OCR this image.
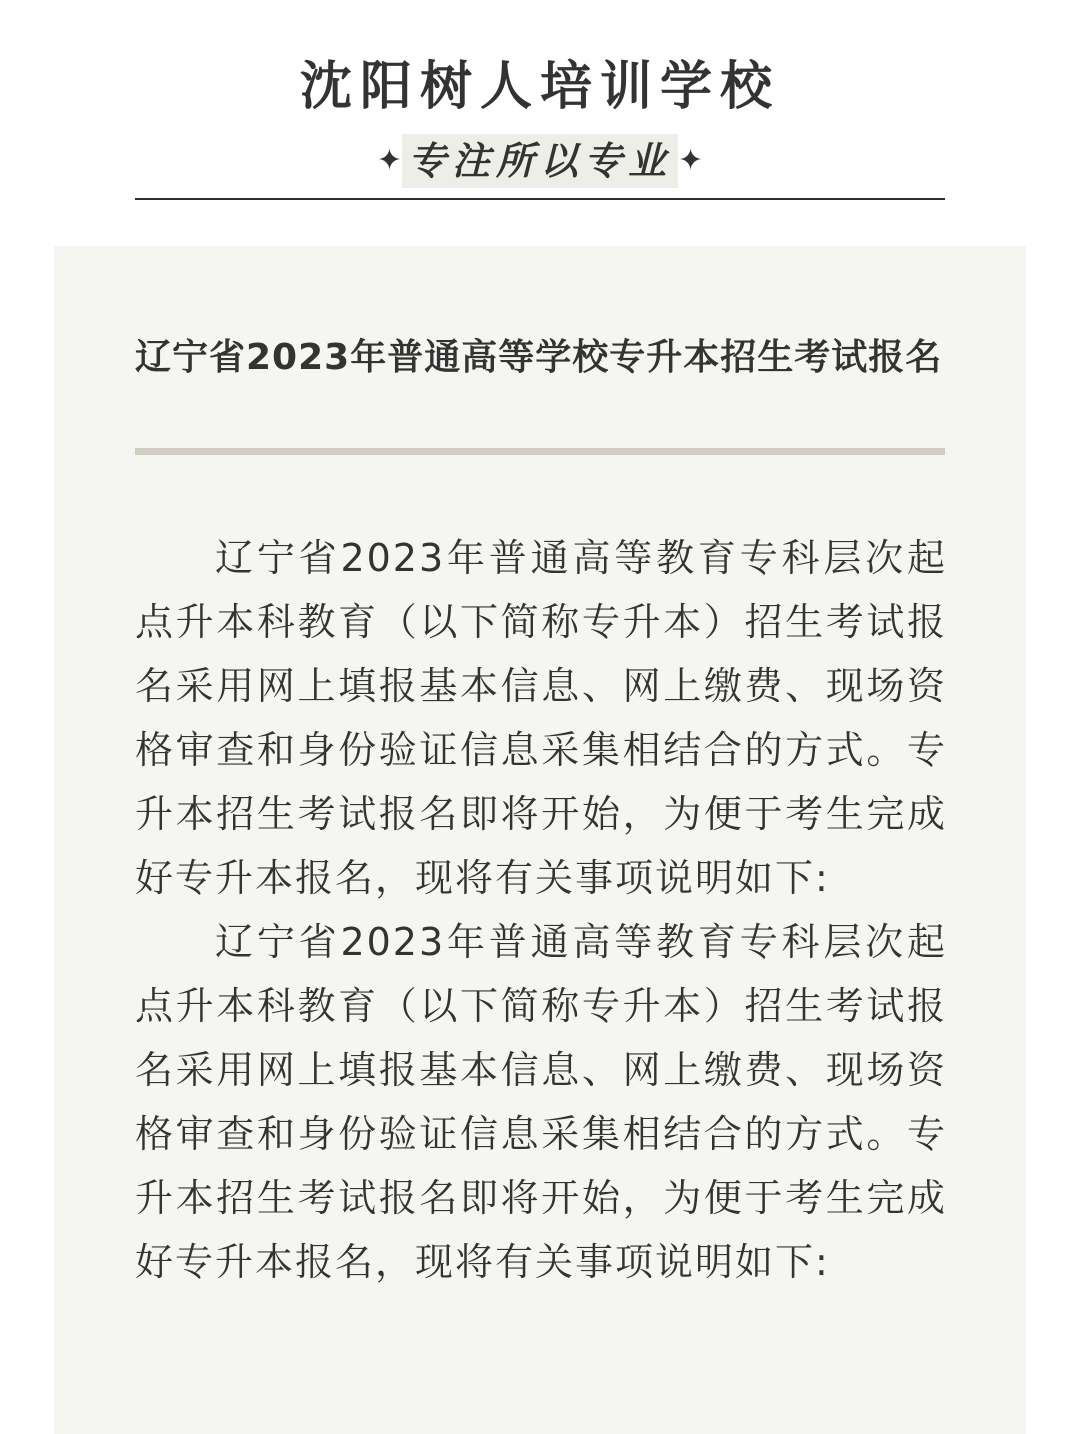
沈阳树人培训学校
✦ 专注所以专业 ✦
辽宁省2023年普通高等学校专升本招生考试报名

辽宁省2023年普通高等教育专科层次起点升本科教育（以下简称专升本）招生考试报名采用网上填报基本信息、网上缴费、现场资格审查和身份验证信息采集相结合的方式。专升本招生考试报名即将开始，为便于考生完成好专升本报名，现将有关事项说明如下:

辽宁省2023年普通高等教育专科层次起点升本科教育（以下简称专升本）招生考试报名采用网上填报基本信息、网上缴费、现场资格审查和身份验证信息采集相结合的方式。专升本招生考试报名即将开始，为便于考生完成好专升本报名，现将有关事项说明如下:
